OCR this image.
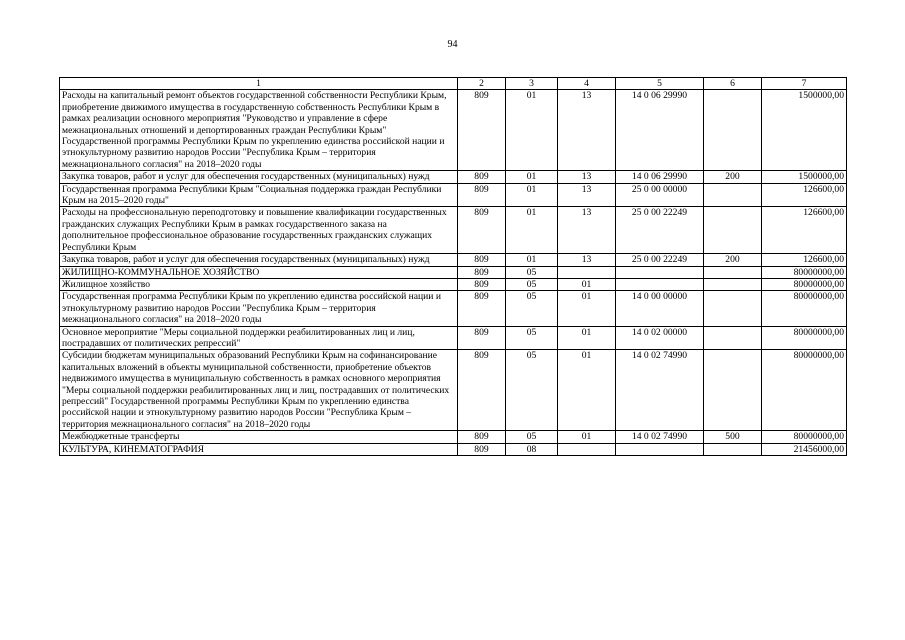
94
1	2	3	4	5	6	7
Расходы на капитальный ремонт объектов государственной собственности Республики Крым, приобретение движимого имущества в государственную собственность Республики Крым в рамках реализации основного мероприятия "Руководство и управление в сфере межнациональных отношений и депортированных граждан Республики Крым" Государственной программы Республики Крым по укреплению единства российской нации и этнокультурному развитию народов России "Республика Крым – территория межнационального согласия" на 2018–2020 годы	809	01	13	14 0 06 29990		1500000,00
Закупка товаров, работ и услуг для обеспечения государственных (муниципальных) нужд	809	01	13	14 0 06 29990	200	1500000,00
Государственная программа Республики Крым "Социальная поддержка граждан Республики Крым на 2015–2020 годы"	809	01	13	25 0 00 00000		126600,00
Расходы на профессиональную переподготовку и повышение квалификации государственных гражданских служащих Республики Крым в рамках государственного заказа на дополнительное профессиональное образование государственных гражданских служащих Республики Крым	809	01	13	25 0 00 22249		126600,00
Закупка товаров, работ и услуг для обеспечения государственных (муниципальных) нужд	809	01	13	25 0 00 22249	200	126600,00
ЖИЛИЩНО-КОММУНАЛЬНОЕ ХОЗЯЙСТВО	809	05				80000000,00
Жилищное хозяйство	809	05	01			80000000,00
Государственная программа Республики Крым по укреплению единства российской нации и этнокультурному развитию народов России "Республика Крым – территория межнационального согласия" на 2018–2020 годы	809	05	01	14 0 00 00000		80000000,00
Основное мероприятие "Меры социальной поддержки реабилитированных лиц и лиц, пострадавших от политических репрессий"	809	05	01	14 0 02 00000		80000000,00
Субсидии бюджетам муниципальных образований Республики Крым на софинансирование капитальных вложений в объекты муниципальной собственности, приобретение объектов недвижимого имущества в муниципальную собственность в рамках основного мероприятия "Меры социальной поддержки реабилитированных лиц и лиц, пострадавших от политических репрессий" Государственной программы Республики Крым по укреплению единства российской нации и этнокультурному развитию народов России "Республика Крым – территория межнационального согласия" на 2018–2020 годы	809	05	01	14 0 02 74990		80000000,00
Межбюджетные трансферты	809	05	01	14 0 02 74990	500	80000000,00
КУЛЬТУРА, КИНЕМАТОГРАФИЯ	809	08				21456000,00
